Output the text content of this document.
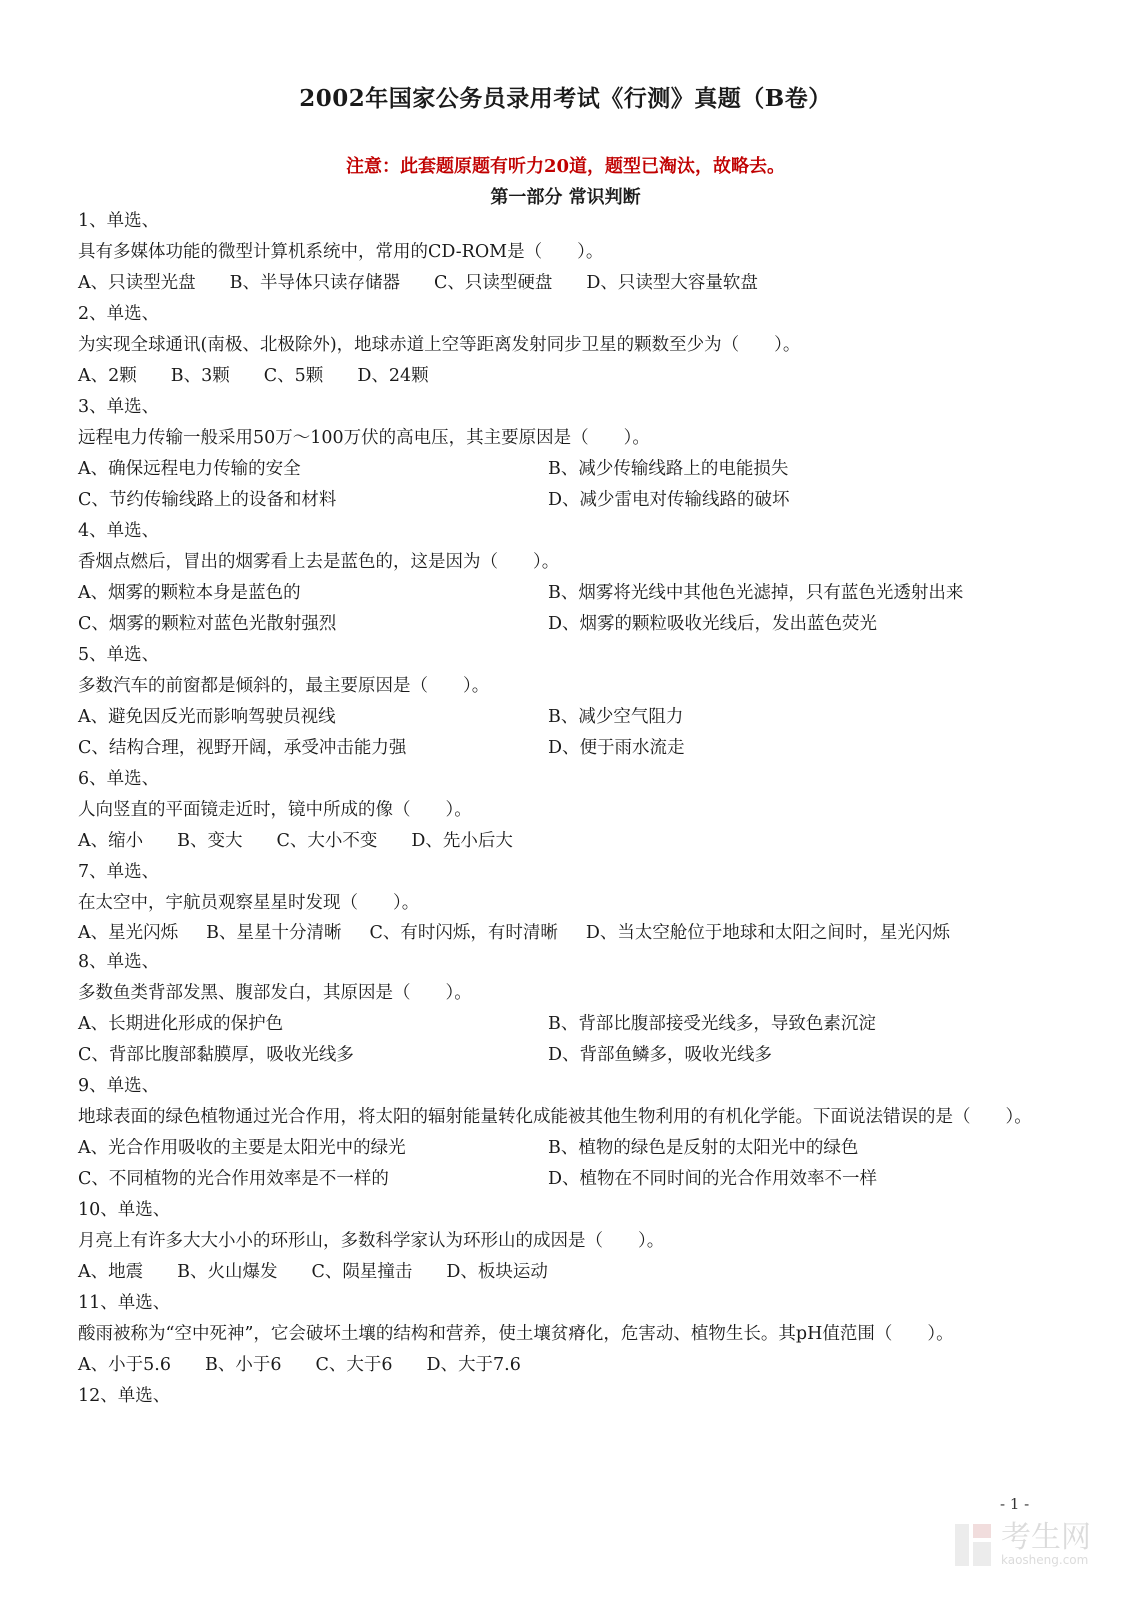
2002年国家公务员录用考试《行测》真题（B卷）
注意：此套题原题有听力20道，题型已淘汰，故略去。
第一部分 常识判断

1、单选、

具有多媒体功能的微型计算机系统中，常用的CD-ROM是（　　）。

A、只读型光盘 B、半导体只读存储器 C、只读型硬盘 D、只读型大容量软盘

2、单选、

为实现全球通讯(南极、北极除外)，地球赤道上空等距离发射同步卫星的颗数至少为（　　）。

A、2颗 B、3颗 C、5颗 D、24颗

3、单选、

远程电力传输一般采用50万～100万伏的高电压，其主要原因是（　　）。

A、确保远程电力传输的安全	B、减少传输线路上的电能损失
C、节约传输线路上的设备和材料	D、减少雷电对传输线路的破坏

4、单选、

香烟点燃后，冒出的烟雾看上去是蓝色的，这是因为（　　）。

A、烟雾的颗粒本身是蓝色的	B、烟雾将光线中其他色光滤掉，只有蓝色光透射出来
C、烟雾的颗粒对蓝色光散射强烈	D、烟雾的颗粒吸收光线后，发出蓝色荧光

5、单选、

多数汽车的前窗都是倾斜的，最主要原因是（　　）。

A、避免因反光而影响驾驶员视线	B、减少空气阻力
C、结构合理，视野开阔，承受冲击能力强	D、便于雨水流走

6、单选、

人向竖直的平面镜走近时，镜中所成的像（　　）。

A、缩小 B、变大 C、大小不变 D、先小后大

7、单选、

在太空中，宇航员观察星星时发现（　　）。

A、星光闪烁 B、星星十分清晰 C、有时闪烁，有时清晰 D、当太空舱位于地球和太阳之间时，星光闪烁

8、单选、

多数鱼类背部发黑、腹部发白，其原因是（　　）。

A、长期进化形成的保护色	B、背部比腹部接受光线多，导致色素沉淀
C、背部比腹部黏膜厚，吸收光线多	D、背部鱼鳞多，吸收光线多

9、单选、

地球表面的绿色植物通过光合作用，将太阳的辐射能量转化成能被其他生物利用的有机化学能。下面说法错误的是（　　）。

A、光合作用吸收的主要是太阳光中的绿光	B、植物的绿色是反射的太阳光中的绿色
C、不同植物的光合作用效率是不一样的	D、植物在不同时间的光合作用效率不一样

10、单选、

月亮上有许多大大小小的环形山，多数科学家认为环形山的成因是（　　）。

A、地震 B、火山爆发 C、陨星撞击 D、板块运动

11、单选、

酸雨被称为“空中死神”，它会破坏土壤的结构和营养，使土壤贫瘠化，危害动、植物生长。其pH值范围（　　）。

A、小于5.6 B、小于6 C、大于6 D、大于7.6

12、单选、

- 1 -
考生网
kaosheng.com
